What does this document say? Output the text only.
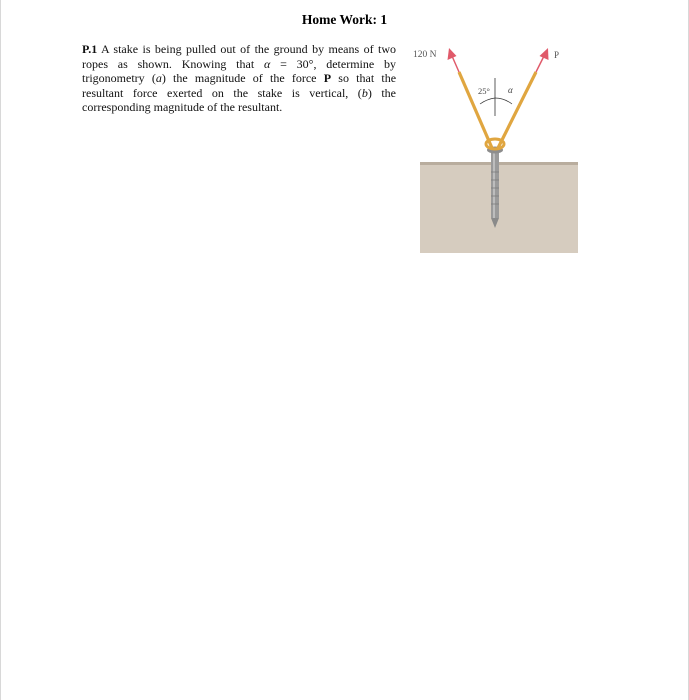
Home Work: 1
P.1 A stake is being pulled out of the ground by means of two ropes as shown. Knowing that α = 30°, determine by trigonometry (a) the magnitude of the force P so that the resultant force exerted on the stake is vertical, (b) the corresponding magnitude of the resultant.
120 N	P
25° α
